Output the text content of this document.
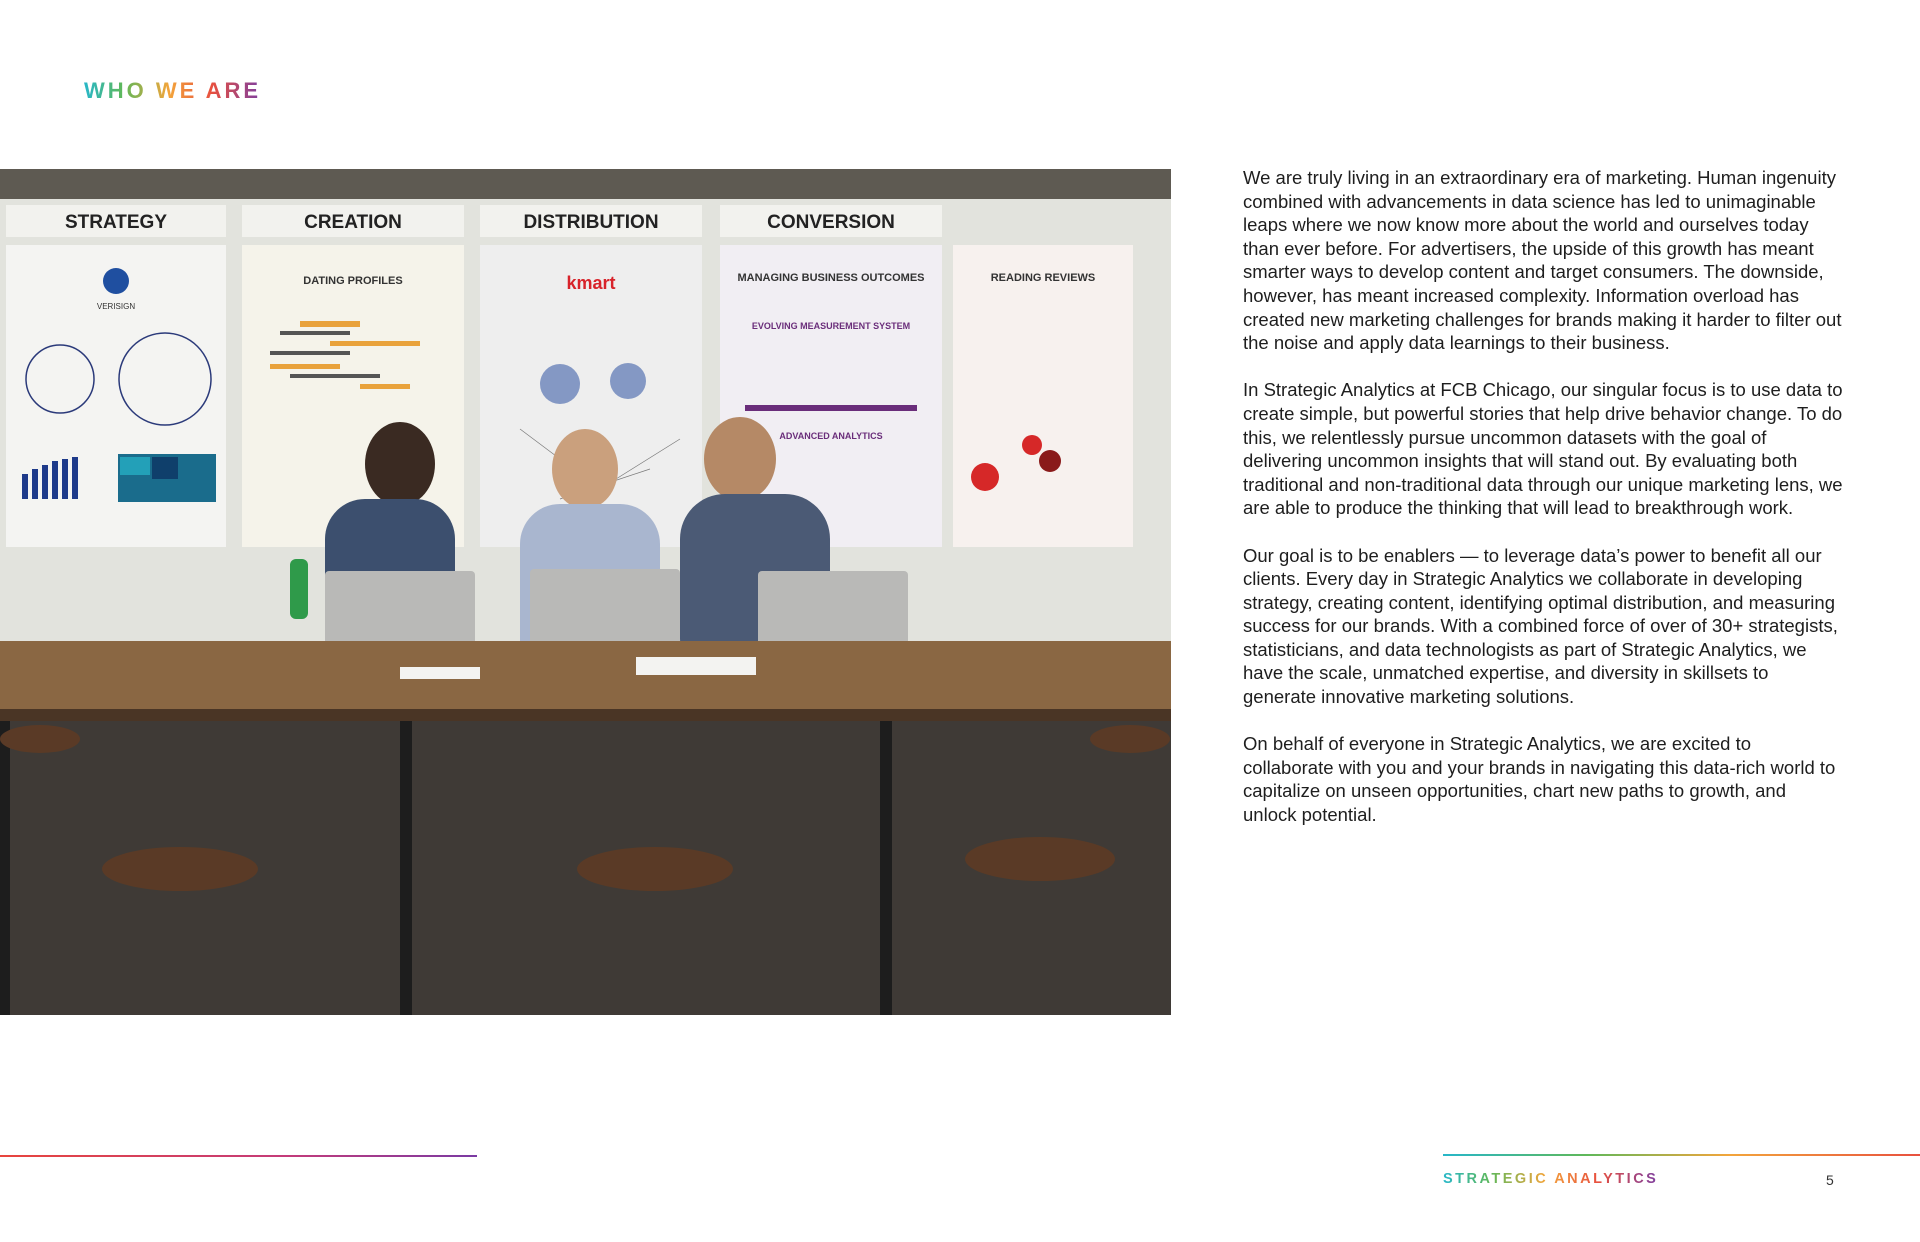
WHO WE ARE
STRATEGY
VERISIGN
CREATION
DATING PROFILES
DISTRIBUTION
kmart
CONVERSION
MANAGING BUSINESS OUTCOMES
EVOLVING MEASUREMENT SYSTEM
ADVANCED ANALYTICS
READING REVIEWS

We are truly living in an extraordinary era of marketing. Human ingenuity combined with advancements in data science has led to unimaginable leaps where we now know more about the world and ourselves today than ever before. For advertisers, the upside of this growth has meant smarter ways to develop content and target consumers. The downside, however, has meant increased complexity. Information overload has created new marketing challenges for brands making it harder to filter out the noise and apply data learnings to their business.

In Strategic Analytics at FCB Chicago, our singular focus is to use data to create simple, but powerful stories that help drive behavior change. To do this, we relentlessly pursue uncommon datasets with the goal of delivering uncommon insights that will stand out. By evaluating both traditional and non-traditional data through our unique marketing lens, we are able to produce the thinking that will lead to breakthrough work.

Our goal is to be enablers — to leverage data’s power to benefit all our clients. Every day in Strategic Analytics we collaborate in developing strategy, creating content, identifying optimal distribution, and measuring success for our brands. With a combined force of over of 30+ strategists, statisticians, and data technologists as part of Strategic Analytics, we have the scale, unmatched expertise, and diversity in skillsets to generate innovative marketing solutions.

On behalf of everyone in Strategic Analytics, we are excited to collaborate with you and your brands in navigating this data-rich world to capitalize on unseen opportunities, chart new paths to growth, and unlock potential.

STRATEGIC ANALYTICS	5
